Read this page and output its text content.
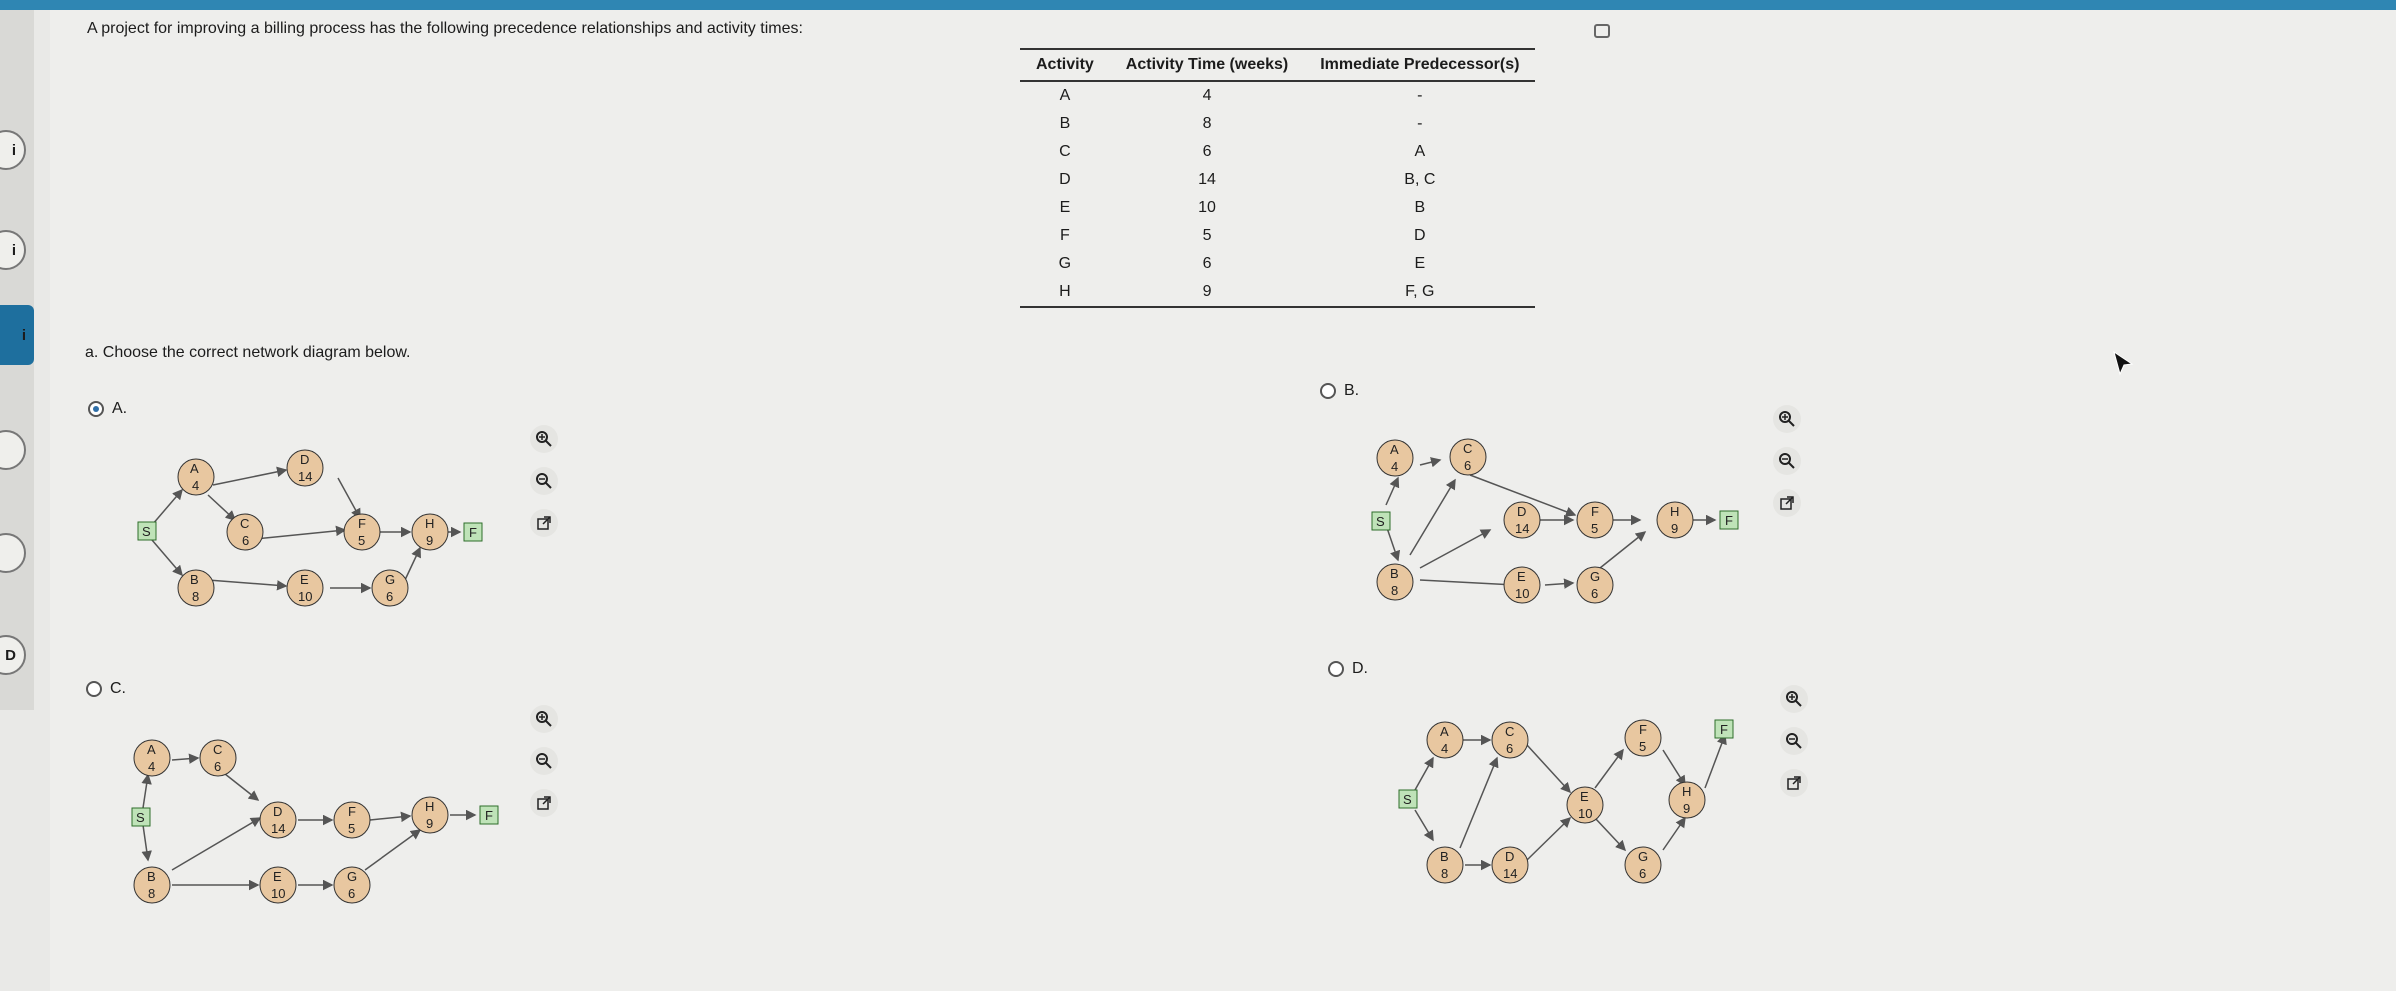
i
i
i
D
A project for improving a billing process has the following precedence relationships and activity times:
Activity	Activity Time (weeks)	Immediate Predecessor(s)
A	4	-
B	8	-
C	6	A
D	14	B, C
E	10	B
F	5	D
G	6	E
H	9	F, G
a. Choose the correct network diagram below.
A.
B.
C.
D.
S
A
4
B
8
C
6
D
14
E
10
F
5
G
6
H
9
F
S
A
4
B
8
C
6
D
14
E
10
F
5
G
6
H
9
F
S
A
4
B
8
C
6
D
14
E
10
F
5
G
6
H
9
F
S
A
4
B
8
C
6
D
14
E
10
F
5
G
6
H
9
F
